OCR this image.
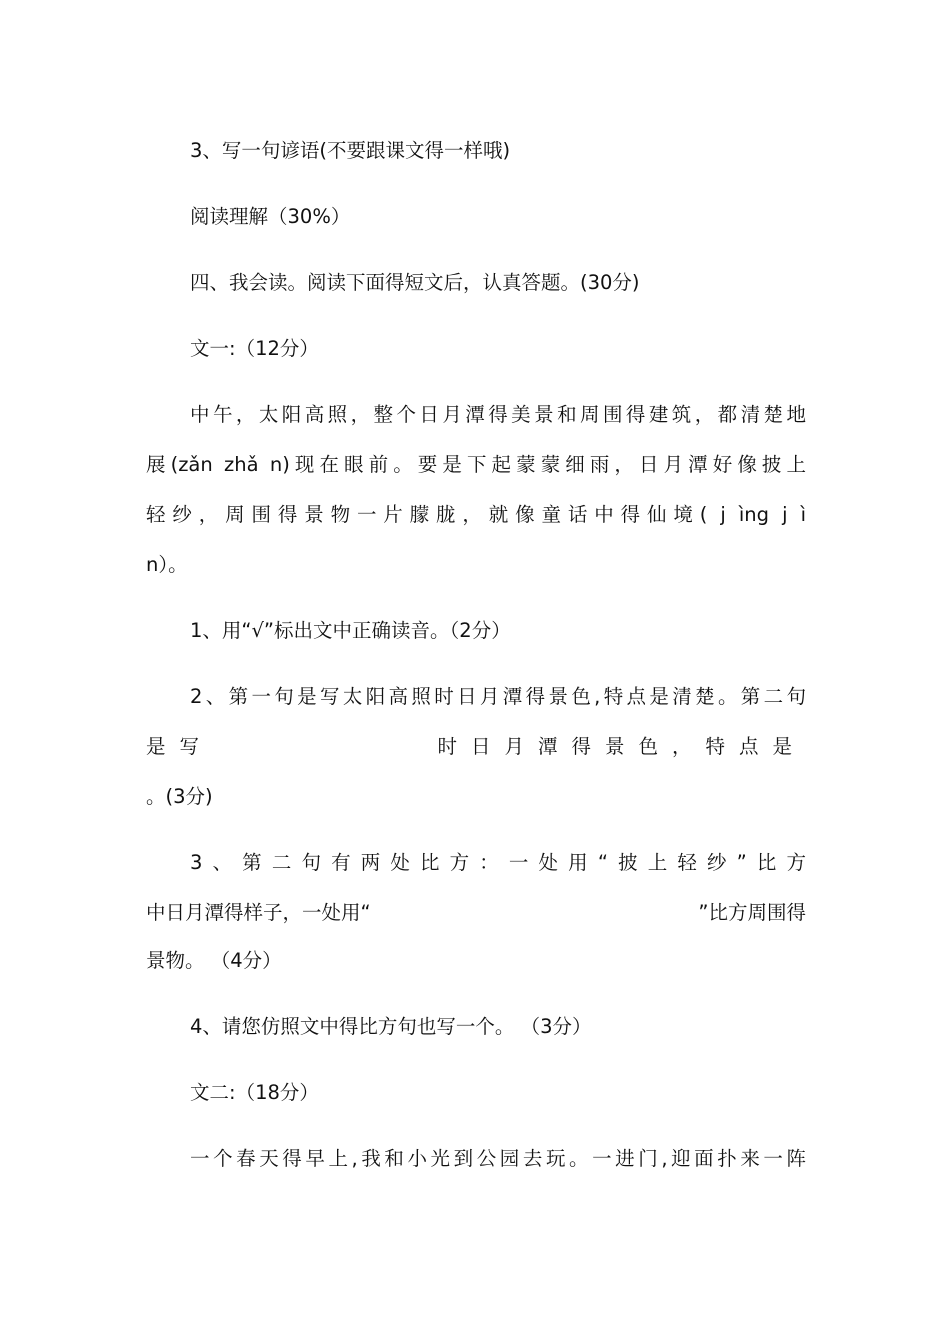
3、写一句谚语(不要跟课文得一样哦)
阅读理解（30%）
四、我会读。阅读下面得短文后，认真答题。(30分)
文一:（12分）
中午，太阳高照，整个日月潭得美景和周围得建筑，都清楚地
展(zǎn zhǎ n)现在眼前。要是下起蒙蒙细雨，日月潭好像披上
轻纱，周围得景物一片朦胧，就像童话中得仙境( j ìng j ì
n）。
1、用“√”标出文中正确读音。（2分）
2、第一句是写太阳高照时日月潭得景色,特点是清楚。第二句
是写	时日月潭得景色，特点是
。(3分)
3、第二句有两处比方：一处用“披上轻纱”比方
中日月潭得样子，一处用“	”比方周围得
景物。 （4分）
4、请您仿照文中得比方句也写一个。 （3分）
文二:（18分）
一个春天得早上,我和小光到公园去玩。一进门,迎面扑来一阵
